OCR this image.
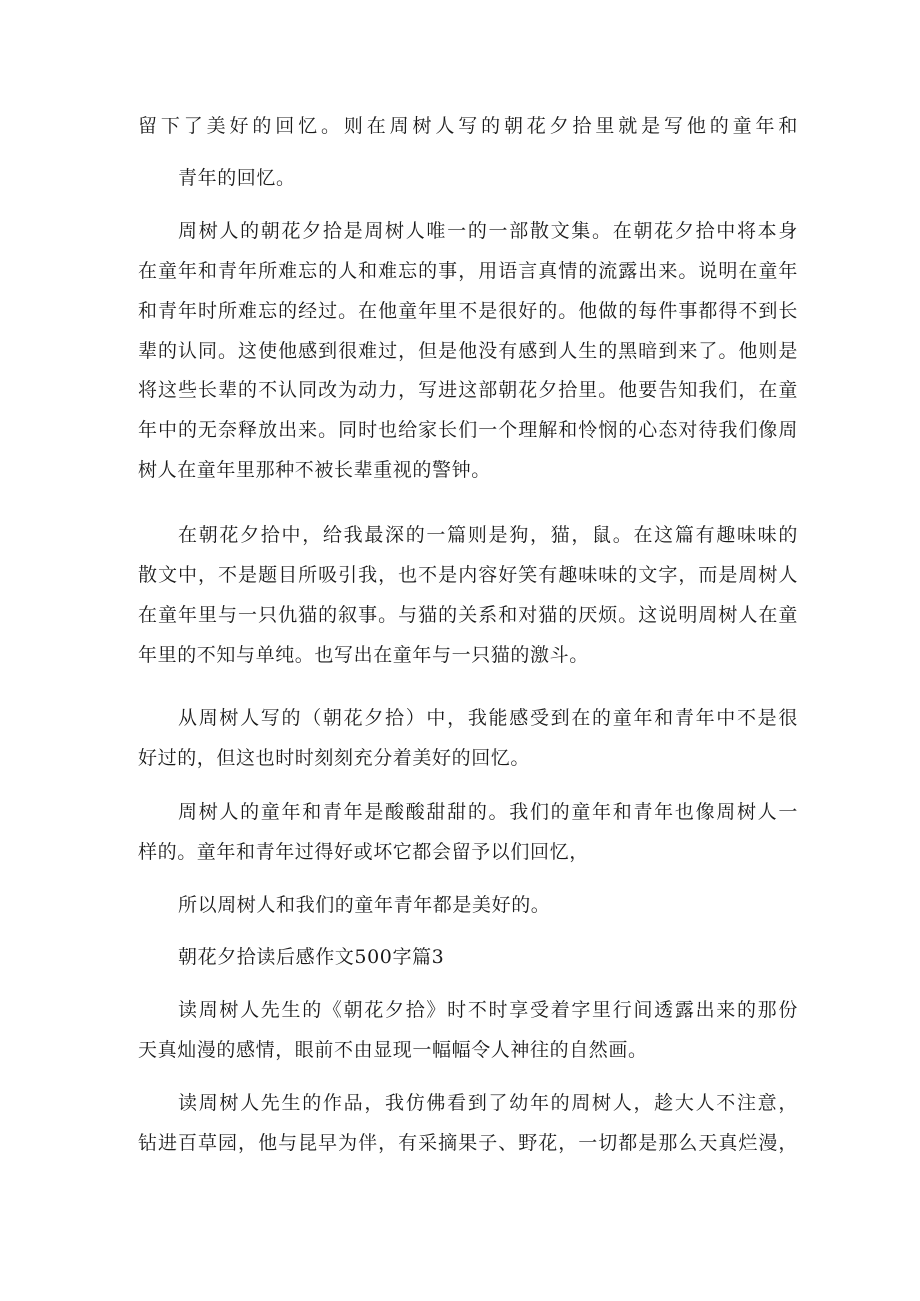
留下了美好的回忆。则在周树人写的朝花夕拾里就是写他的童年和
青年的回忆。
周树人的朝花夕拾是周树人唯一的一部散文集。在朝花夕拾中将本身
在童年和青年所难忘的人和难忘的事，用语言真情的流露出来。说明在童年
和青年时所难忘的经过。在他童年里不是很好的。他做的每件事都得不到长
辈的认同。这使他感到很难过，但是他没有感到人生的黑暗到来了。他则是
将这些长辈的不认同改为动力，写进这部朝花夕拾里。他要告知我们，在童
年中的无奈释放出来。同时也给家长们一个理解和怜悯的心态对待我们像周
树人在童年里那种不被长辈重视的警钟。
在朝花夕拾中，给我最深的一篇则是狗，猫，鼠。在这篇有趣味味的
散文中，不是题目所吸引我，也不是内容好笑有趣味味的文字，而是周树人
在童年里与一只仇猫的叙事。与猫的关系和对猫的厌烦。这说明周树人在童
年里的不知与单纯。也写出在童年与一只猫的激斗。
从周树人写的（朝花夕拾）中，我能感受到在的童年和青年中不是很
好过的，但这也时时刻刻充分着美好的回忆。
周树人的童年和青年是酸酸甜甜的。我们的童年和青年也像周树人一
样的。童年和青年过得好或坏它都会留予以们回忆，
所以周树人和我们的童年青年都是美好的。
朝花夕拾读后感作文500字篇3
读周树人先生的《朝花夕拾》时不时享受着字里行间透露出来的那份
天真灿漫的感情，眼前不由显现一幅幅令人神往的自然画。
读周树人先生的作品，我仿佛看到了幼年的周树人，趁大人不注意，
钻进百草园，他与昆早为伴，有采摘果子、野花，一切都是那么天真烂漫，
